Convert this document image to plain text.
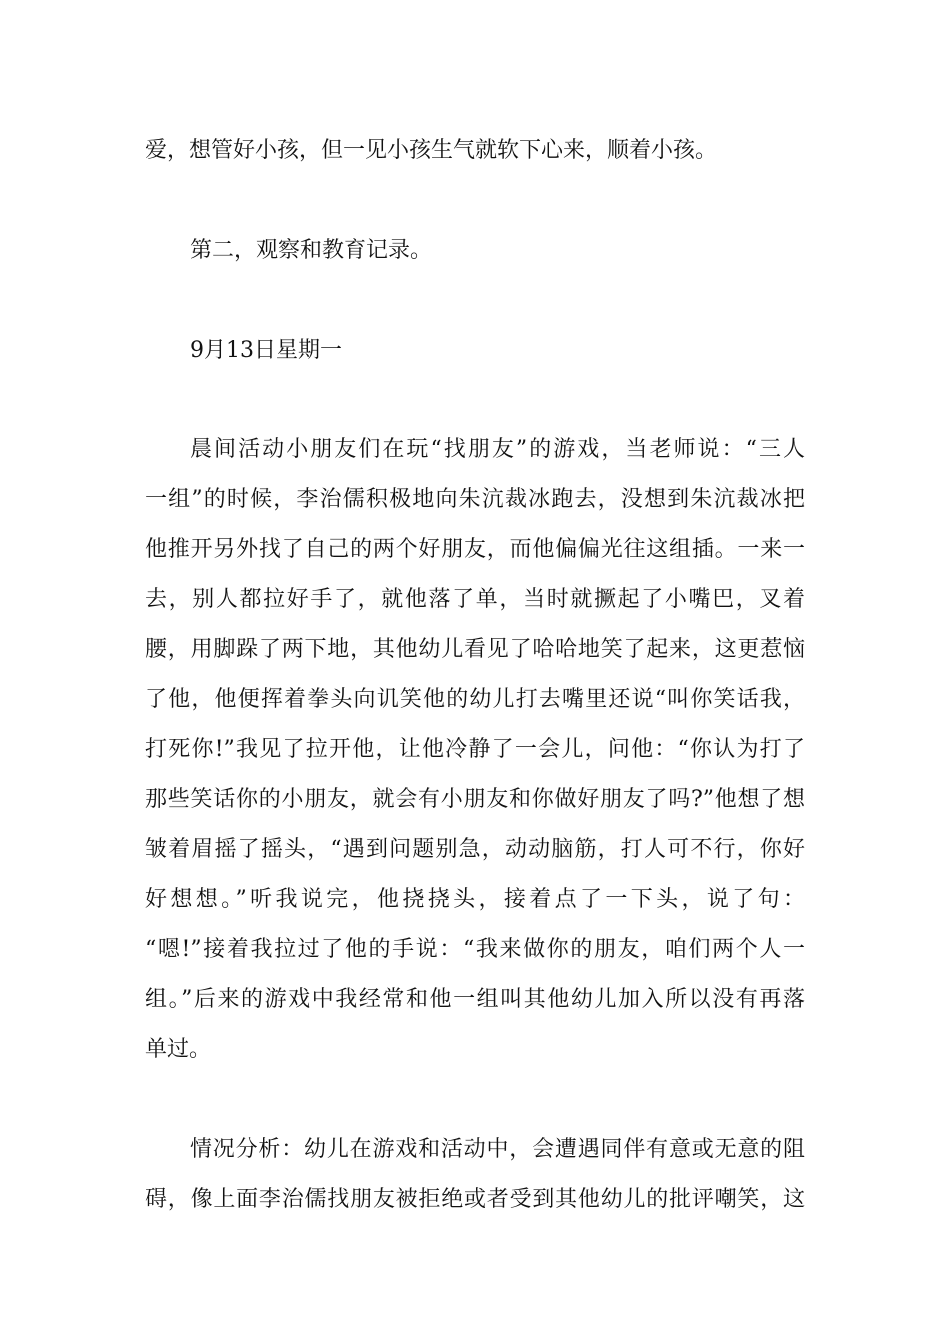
爱，想管好小孩，但一见小孩生气就软下心来，顺着小孩。
第二，观察和教育记录。
9月13日星期一
晨间活动小朋友们在玩“找朋友”的游戏，当老师说：“三人
一组”的时候，李治儒积极地向朱沆裁冰跑去，没想到朱沆裁冰把
他推开另外找了自己的两个好朋友，而他偏偏光往这组插。一来一
去，别人都拉好手了，就他落了单，当时就撅起了小嘴巴，叉着
腰，用脚跺了两下地，其他幼儿看见了哈哈地笑了起来，这更惹恼
了他，他便挥着拳头向讥笑他的幼儿打去嘴里还说“叫你笑话我，
打死你!”我见了拉开他，让他冷静了一会儿，问他：“你认为打了
那些笑话你的小朋友，就会有小朋友和你做好朋友了吗?”他想了想
皱着眉摇了摇头，“遇到问题别急，动动脑筋，打人可不行，你好
好想想。”听我说完，他挠挠头，接着点了一下头，说了句：
“嗯!”接着我拉过了他的手说：“我来做你的朋友，咱们两个人一
组。”后来的游戏中我经常和他一组叫其他幼儿加入所以没有再落
单过。
情况分析：幼儿在游戏和活动中，会遭遇同伴有意或无意的阻
碍，像上面李治儒找朋友被拒绝或者受到其他幼儿的批评嘲笑，这
